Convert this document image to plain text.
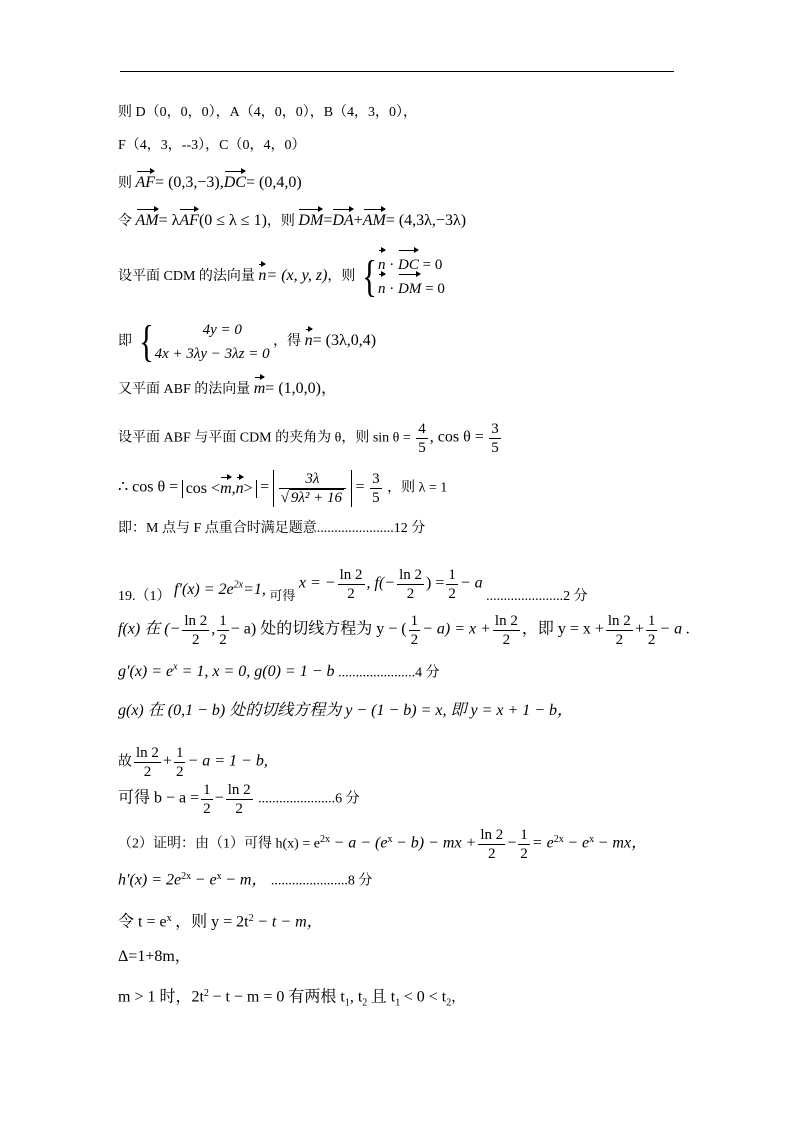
则 D（0，0，0），A（4，0，0），B（4，3，0），
F（4，3，--3），C（0，4，0）
则 AF= (0,3,−3),DC= (0,4,0)
令 AM= λAF(0 ≤ λ ≤ 1)，则 DM=DA+AM= (4,3λ,−3λ)
设平面 CDM 的法向量 n= (x, y, z)，则 { n · DC = 0
n · DM = 0
即 {	4y = 0
4x + 3λy − 3λz = 0
，得 n= (3λ,0,4)
又平面 ABF 的法向量 m= (1,0,0)，
设平面 ABF 与平面 CDM 的夹角为 θ，则 $\sin \theta = \frac{4}{5}$ , $\cos \theta = \frac{3}{5}$
∴ $\cos \theta = \cos <m,n> = \frac{3\lambda}{\text{√ 9λ² + 16}} = \frac{3}{5}$ ，则 λ = 1
即：M 点与 F 点重合时满足题意......................12 分
19.（1） $f'(x) = 2e^{2x}=1$, 可得 x = − $\frac{\ln 2}{2}$ , $f(- \frac{\ln 2}{2}$ ) = $\frac{1}{2} - a$ ......................2 分
f(x) 在 (− $\frac{\ln 2}{2}$ , $\frac{1}{2} - a$) 处的切线方程为 y − ( $\frac{1}{2} - a) = x + \frac{\ln 2}{2}$ ，即 $y = x + \frac{\ln 2}{2} + \frac{1}{2} - a$ .
$g'(x) = e^x = 1$, x = 0, g(0) = 1 − b ......................4 分
g(x) 在 (0,1 − b) 处的切线方程为 y − (1 − b) = x, 即 y = x + 1 − b，
故 $\frac{\ln 2}{2} + \frac{1}{2} - a = 1 - b$,
可得 $b - a = \frac{1}{2} - \frac{\ln 2}{2} ......................6$ 分
（2）证明：由（1）可得 $h(x) = e^{2x} - a - (e^x - b)$ − mx + $\frac{\ln 2}{2} - \frac{1}{2} = e^{2x} - e^x$ − mx，
$h'(x) = 2e^{2x} - e^x - m$， ......................8 分
令 $t = e^x$ ，则 $y = 2t^2 - t - m$，
Δ=1+8m，
m > 1 时，$2t^2 - t - m = 0$ 有两根 $t_1$, $t_2$ 且 $t_1 < 0 < t_2$，
